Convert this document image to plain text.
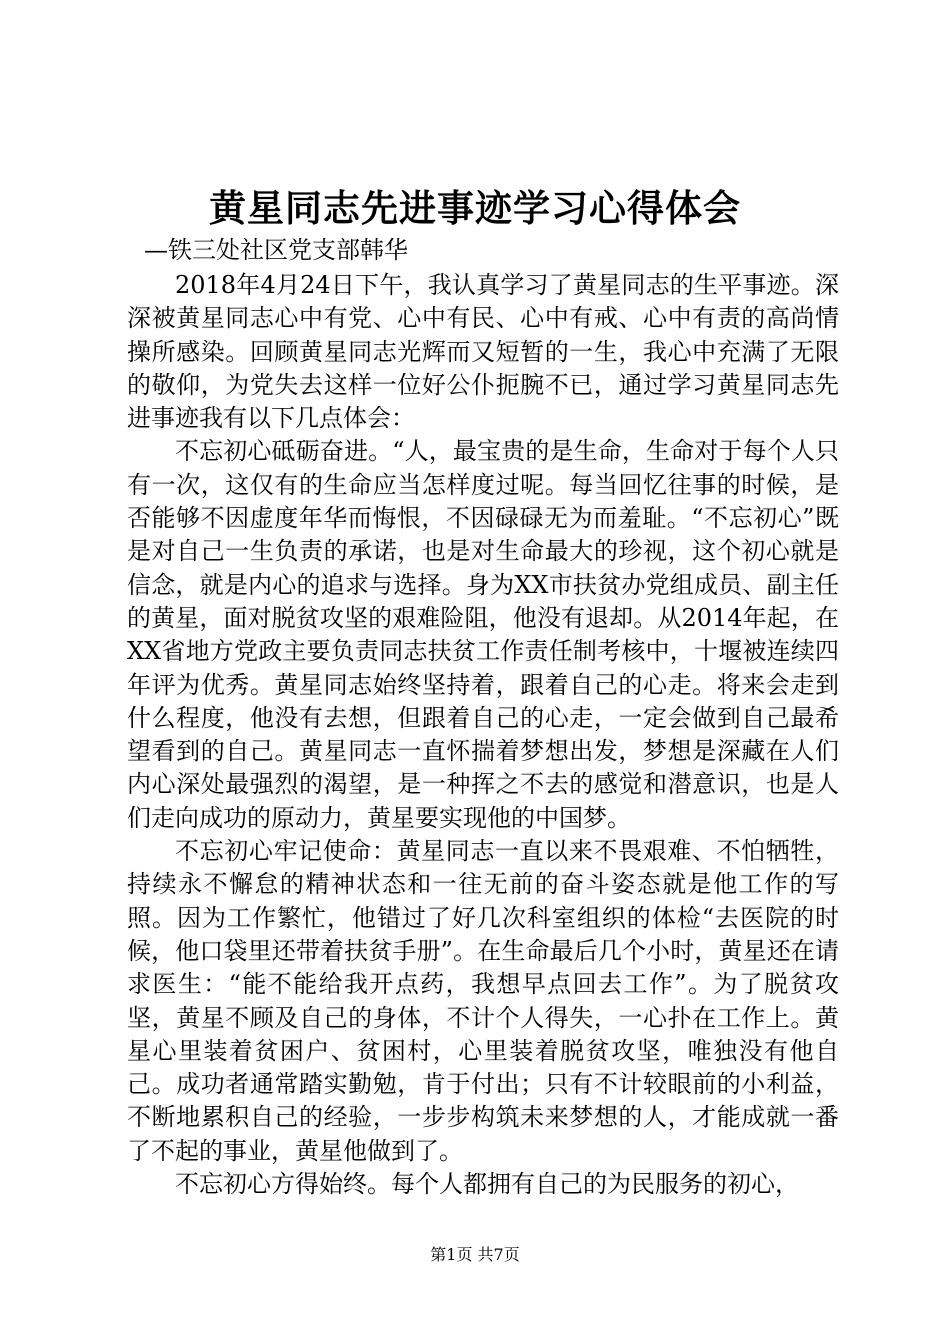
黄星同志先进事迹学习心得体会

—铁三处社区党支部韩华

2018年4月24日下午，我认真学习了黄星同志的生平事迹。深深被黄星同志心中有党、心中有民、心中有戒、心中有责的高尚情操所感染。回顾黄星同志光辉而又短暂的一生，我心中充满了无限的敬仰，为党失去这样一位好公仆扼腕不已，通过学习黄星同志先进事迹我有以下几点体会：

不忘初心砥砺奋进。“人，最宝贵的是生命，生命对于每个人只有一次，这仅有的生命应当怎样度过呢。每当回忆往事的时候，是否能够不因虚度年华而悔恨，不因碌碌无为而羞耻。“不忘初心”既是对自己一生负责的承诺，也是对生命最大的珍视，这个初心就是信念，就是内心的追求与选择。身为XX市扶贫办党组成员、副主任的黄星，面对脱贫攻坚的艰难险阻，他没有退却。从2014年起，在XX省地方党政主要负责同志扶贫工作责任制考核中，十堰被连续四年评为优秀。黄星同志始终坚持着，跟着自己的心走。将来会走到什么程度，他没有去想，但跟着自己的心走，一定会做到自己最希望看到的自己。黄星同志一直怀揣着梦想出发，梦想是深藏在人们内心深处最强烈的渴望，是一种挥之不去的感觉和潜意识，也是人们走向成功的原动力，黄星要实现他的中国梦。

不忘初心牢记使命：黄星同志一直以来不畏艰难、不怕牺牲，持续永不懈怠的精神状态和一往无前的奋斗姿态就是他工作的写照。因为工作繁忙，他错过了好几次科室组织的体检“去医院的时候，他口袋里还带着扶贫手册”。在生命最后几个小时，黄星还在请求医生：“能不能给我开点药，我想早点回去工作”。为了脱贫攻坚，黄星不顾及自己的身体，不计个人得失，一心扑在工作上。黄星心里装着贫困户、贫困村，心里装着脱贫攻坚，唯独没有他自己。成功者通常踏实勤勉，肯于付出；只有不计较眼前的小利益，不断地累积自己的经验，一步步构筑未来梦想的人，才能成就一番了不起的事业，黄星他做到了。

不忘初心方得始终。每个人都拥有自己的为民服务的初心，

第1页 共7页
